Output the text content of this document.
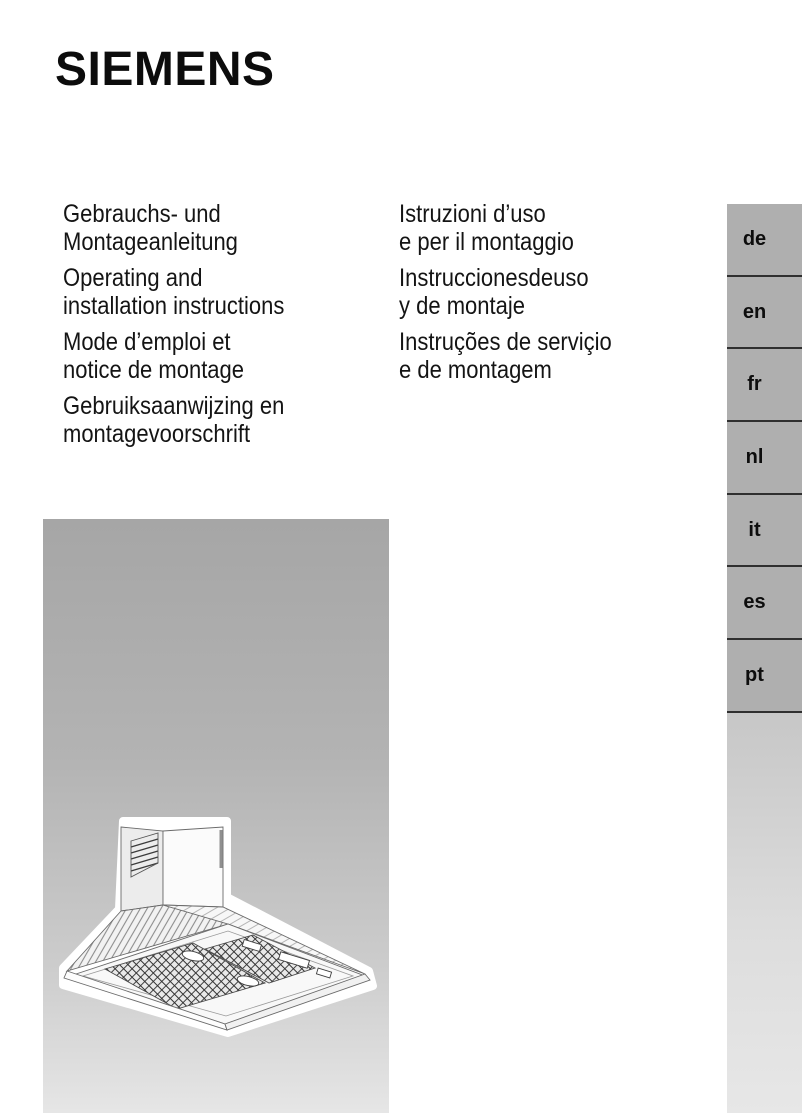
SIEMENS

Gebrauchs- und
Montageanleitung

Operating and
installation instructions

Mode d’emploi et
notice de montage

Gebruiksaanwijzing en
montagevoorschrift

Istruzioni d’uso
e per il montaggio

Instruccionesdeuso
y de montaje

Instruções de serviçio
e de montagem

de
en
fr
nl
it
es
pt
